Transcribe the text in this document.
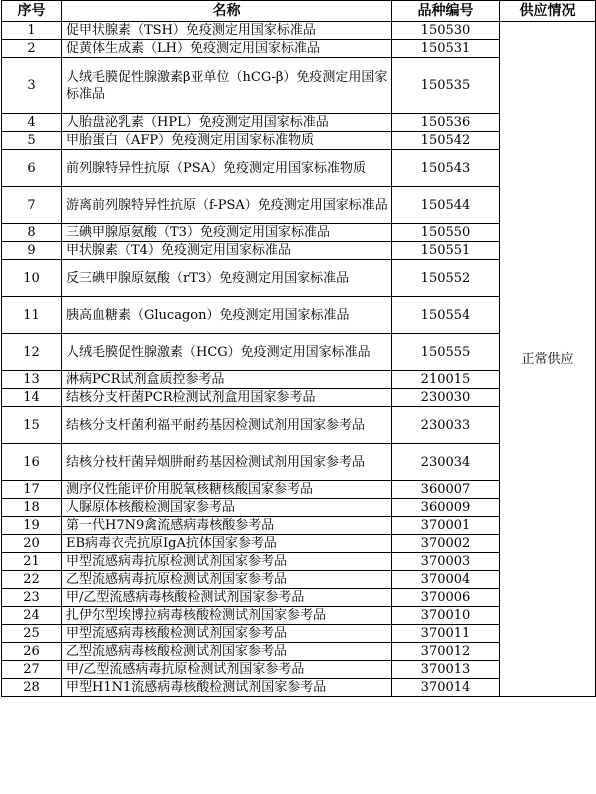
序号	名称	品种编号	供应情况
1	促甲状腺素（TSH）免疫测定用国家标准品	150530	正常供应
2	促黄体生成素（LH）免疫测定用国家标准品	150531	
3	人绒毛膜促性腺激素β亚单位（hCG-β）免疫测定用国家
标准品	150535	
4	人胎盘泌乳素（HPL）免疫测定用国家标准品	150536	
5	甲胎蛋白（AFP）免疫测定用国家标准物质	150542	
6	前列腺特异性抗原（PSA）免疫测定用国家标准物质	150543	
7	游离前列腺特异性抗原（f-PSA）免疫测定用国家标准品	150544	
8	三碘甲腺原氨酸（T3）免疫测定用国家标准品	150550	
9	甲状腺素（T4）免疫测定用国家标准品	150551	
10	反三碘甲腺原氨酸（rT3）免疫测定用国家标准品	150552	
11	胰高血糖素（Glucagon）免疫测定用国家标准品	150554	
12	人绒毛膜促性腺激素（HCG）免疫测定用国家标准品	150555	
13	淋病PCR试剂盒质控参考品	210015	
14	结核分支杆菌PCR检测试剂盒用国家参考品	230030	
15	结核分支杆菌利福平耐药基因检测试剂用国家参考品	230033	
16	结核分枝杆菌异烟肼耐药基因检测试剂用国家参考品	230034	
17	测序仪性能评价用脱氧核糖核酸国家参考品	360007	
18	人脲原体核酸检测国家参考品	360009	
19	第一代H7N9禽流感病毒核酸参考品	370001	
20	EB病毒衣壳抗原IgA抗体国家参考品	370002	
21	甲型流感病毒抗原检测试剂国家参考品	370003	
22	乙型流感病毒抗原检测试剂国家参考品	370004	
23	甲/乙型流感病毒核酸检测试剂国家参考品	370006	
24	扎伊尔型埃博拉病毒核酸检测试剂国家参考品	370010	
25	甲型流感病毒核酸检测试剂国家参考品	370011	
26	乙型流感病毒核酸检测试剂国家参考品	370012	
27	甲/乙型流感病毒抗原检测试剂国家参考品	370013	
28	甲型H1N1流感病毒核酸检测试剂国家参考品	370014	
